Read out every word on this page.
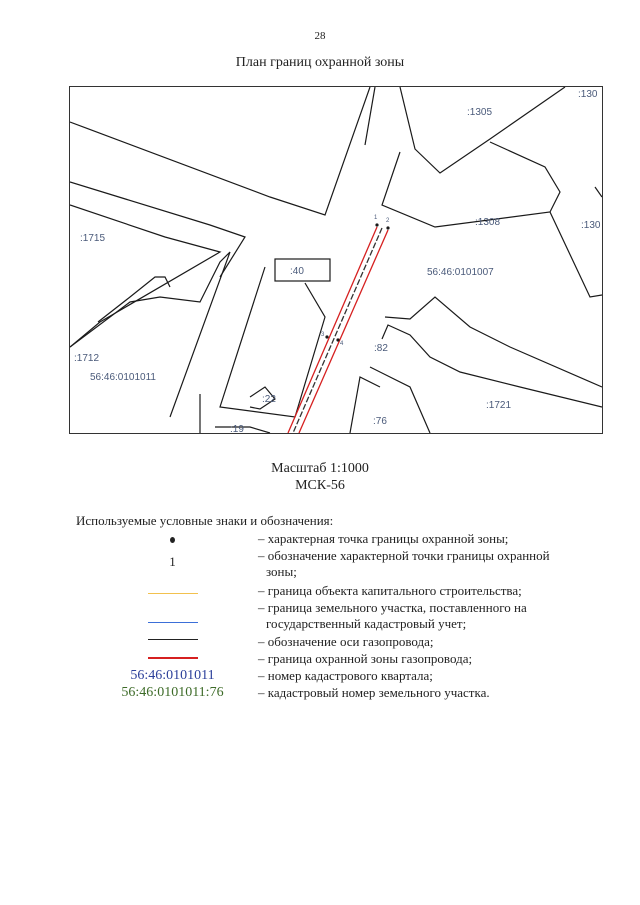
28
План границ охранной зоны
1 2
3
4
:1305
:130
:1308	:130
:1715
:40
:1712
:22
:19
:76
:1721
:82
56:46:0101007
56:46:0101011
Масштаб 1:1000
МСК-56
Используемые условные знаки и обозначения:
– характерная точка границы охранной зоны;
1	– обозначение характерной точки границы охранной
зоны;
– граница объекта капитального строительства;
– граница земельного участка, поставленного на
государственный кадастровый учет;
– обозначение оси газопровода;
– граница охранной зоны газопровода;
56:46:0101011	– номер кадастрового квартала;
56:46:0101011:76	– кадастровый номер земельного участка.
